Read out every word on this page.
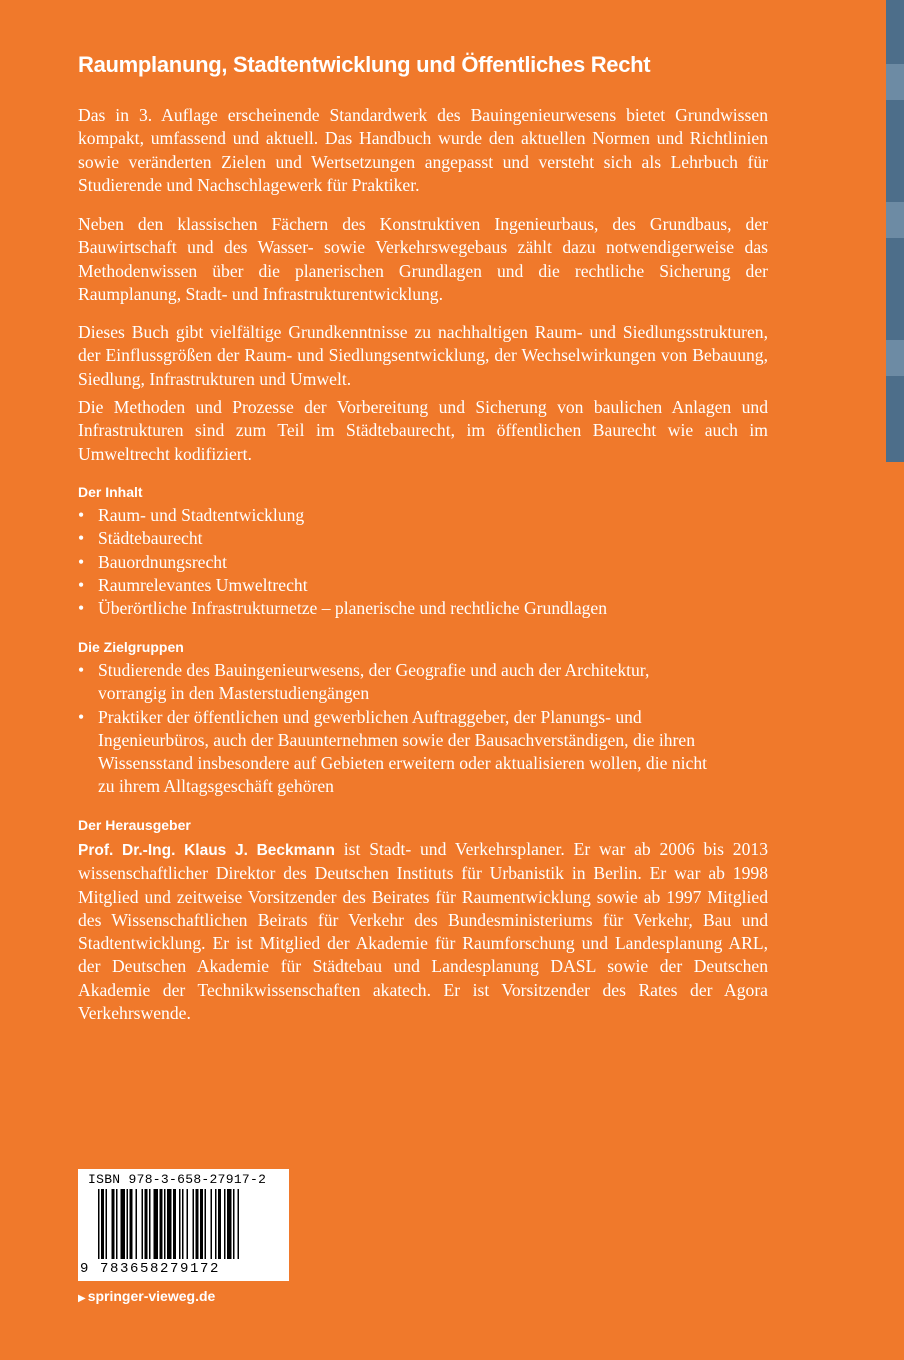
Raumplanung, Stadtentwicklung und Öffentliches Recht

Das in 3. Auflage erscheinende Standardwerk des Bauingenieurwesens bietet Grundwissen kompakt, umfassend und aktuell. Das Handbuch wurde den aktuellen Normen und Richtlinien sowie veränderten Zielen und Wertsetzungen angepasst und versteht sich als Lehrbuch für Studierende und Nachschlagewerk für Praktiker.

Neben den klassischen Fächern des Konstruktiven Ingenieurbaus, des Grundbaus, der Bauwirtschaft und des Wasser- sowie Verkehrswegebaus zählt dazu notwendigerweise das Methodenwissen über die planerischen Grundlagen und die rechtliche Sicherung der Raumplanung, Stadt- und Infrastrukturentwicklung.

Dieses Buch gibt vielfältige Grundkenntnisse zu nachhaltigen Raum- und Siedlungsstrukturen, der Einflussgrößen der Raum- und Siedlungsentwicklung, der Wechselwirkungen von Bebauung, Siedlung, Infrastrukturen und Umwelt.

Die Methoden und Prozesse der Vorbereitung und Sicherung von baulichen Anlagen und Infrastrukturen sind zum Teil im Städtebaurecht, im öffentlichen Baurecht wie auch im Umweltrecht kodifiziert.

Der Inhalt
• Raum- und Stadtentwicklung
• Städtebaurecht
• Bauordnungsrecht
• Raumrelevantes Umweltrecht
• Überörtliche Infrastrukturnetze – planerische und rechtliche Grundlagen
Die Zielgruppen
• Studierende des Bauingenieurwesens, der Geografie und auch der Architektur, vorrangig in den Masterstudiengängen
• Praktiker der öffentlichen und gewerblichen Auftraggeber, der Planungs- und Ingenieurbüros, auch der Bauunternehmen sowie der Bausachverständigen, die ihren Wissensstand insbesondere auf Gebieten erweitern oder aktualisieren wollen, die nicht zu ihrem Alltagsgeschäft gehören
Der Herausgeber

Prof. Dr.-Ing. Klaus J. Beckmann ist Stadt- und Verkehrsplaner. Er war ab 2006 bis 2013 wissenschaftlicher Direktor des Deutschen Instituts für Urbanistik in Berlin. Er war ab 1998 Mitglied und zeitweise Vorsitzender des Beirates für Raumentwicklung sowie ab 1997 Mitglied des Wissenschaftlichen Beirats für Verkehr des Bundesministeriums für Verkehr, Bau und Stadtentwicklung. Er ist Mitglied der Akademie für Raumforschung und Landesplanung ARL, der Deutschen Akademie für Städtebau und Landesplanung DASL sowie der Deutschen Akademie der Technikwissenschaften akatech. Er ist Vorsitzender des Rates der Agora Verkehrswende.

ISBN 978-3-658-27917-2
9 783658279172
▶ springer-vieweg.de
